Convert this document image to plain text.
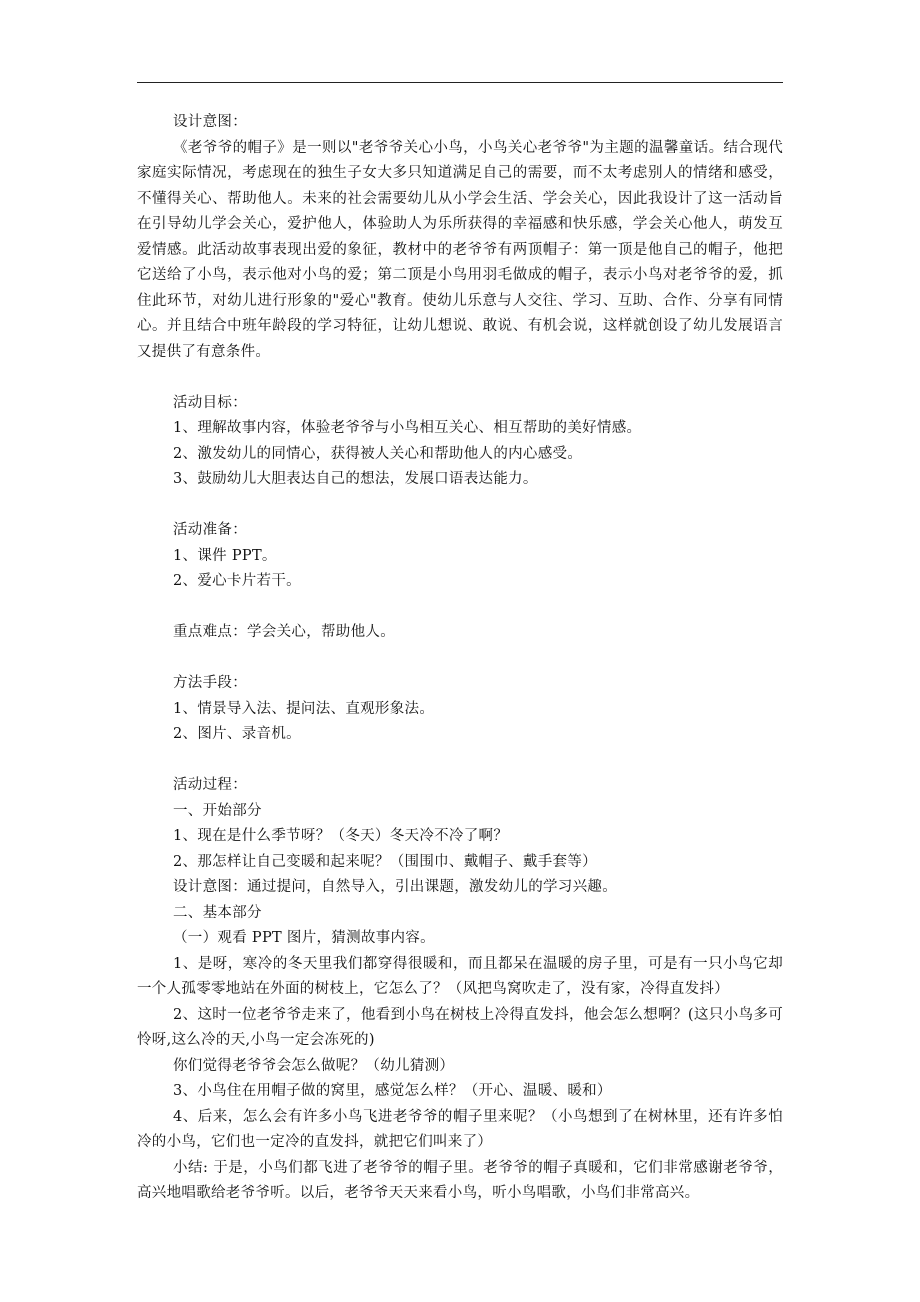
设计意图：

《老爷爷的帽子》是一则以"老爷爷关心小鸟，小鸟关心老爷爷"为主题的温馨童话。结合现代家庭实际情况，考虑现在的独生子女大多只知道满足自己的需要，而不太考虑别人的情绪和感受，不懂得关心、帮助他人。未来的社会需要幼儿从小学会生活、学会关心，因此我设计了这一活动旨在引导幼儿学会关心，爱护他人，体验助人为乐所获得的幸福感和快乐感，学会关心他人，萌发互爱情感。此活动故事表现出爱的象征，教材中的老爷爷有两顶帽子：第一顶是他自己的帽子，他把它送给了小鸟，表示他对小鸟的爱；第二顶是小鸟用羽毛做成的帽子，表示小鸟对老爷爷的爱，抓住此环节，对幼儿进行形象的"爱心"教育。使幼儿乐意与人交往、学习、互助、合作、分享有同情心。并且结合中班年龄段的学习特征，让幼儿想说、敢说、有机会说，这样就创设了幼儿发展语言又提供了有意条件。

活动目标：

1、理解故事内容，体验老爷爷与小鸟相互关心、相互帮助的美好情感。

2、激发幼儿的同情心，获得被人关心和帮助他人的内心感受。

3、鼓励幼儿大胆表达自己的想法，发展口语表达能力。

活动准备：

1、课件 PPT。

2、爱心卡片若干。

重点难点：学会关心，帮助他人。

方法手段：

1、情景导入法、提问法、直观形象法。

2、图片、录音机。

活动过程：

一、开始部分

1、现在是什么季节呀？（冬天）冬天冷不冷了啊？

2、那怎样让自己变暖和起来呢？（围围巾、戴帽子、戴手套等）

设计意图：通过提问，自然导入，引出课题，激发幼儿的学习兴趣。

二、基本部分

（一）观看 PPT 图片，猜测故事内容。

1、是呀，寒冷的冬天里我们都穿得很暖和，而且都呆在温暖的房子里，可是有一只小鸟它却一个人孤零零地站在外面的树枝上，它怎么了？（风把鸟窝吹走了，没有家，冷得直发抖）

2、这时一位老爷爷走来了，他看到小鸟在树枝上冷得直发抖，他会怎么想啊？(这只小鸟多可怜呀,这么冷的天,小鸟一定会冻死的)

你们觉得老爷爷会怎么做呢？（幼儿猜测）

3、小鸟住在用帽子做的窝里，感觉怎么样？（开心、温暖、暖和）

4、后来，怎么会有许多小鸟飞进老爷爷的帽子里来呢？（小鸟想到了在树林里，还有许多怕冷的小鸟，它们也一定冷的直发抖，就把它们叫来了）

小结: 于是，小鸟们都飞进了老爷爷的帽子里。老爷爷的帽子真暖和，它们非常感谢老爷爷，高兴地唱歌给老爷爷听。以后，老爷爷天天来看小鸟，听小鸟唱歌，小鸟们非常高兴。
